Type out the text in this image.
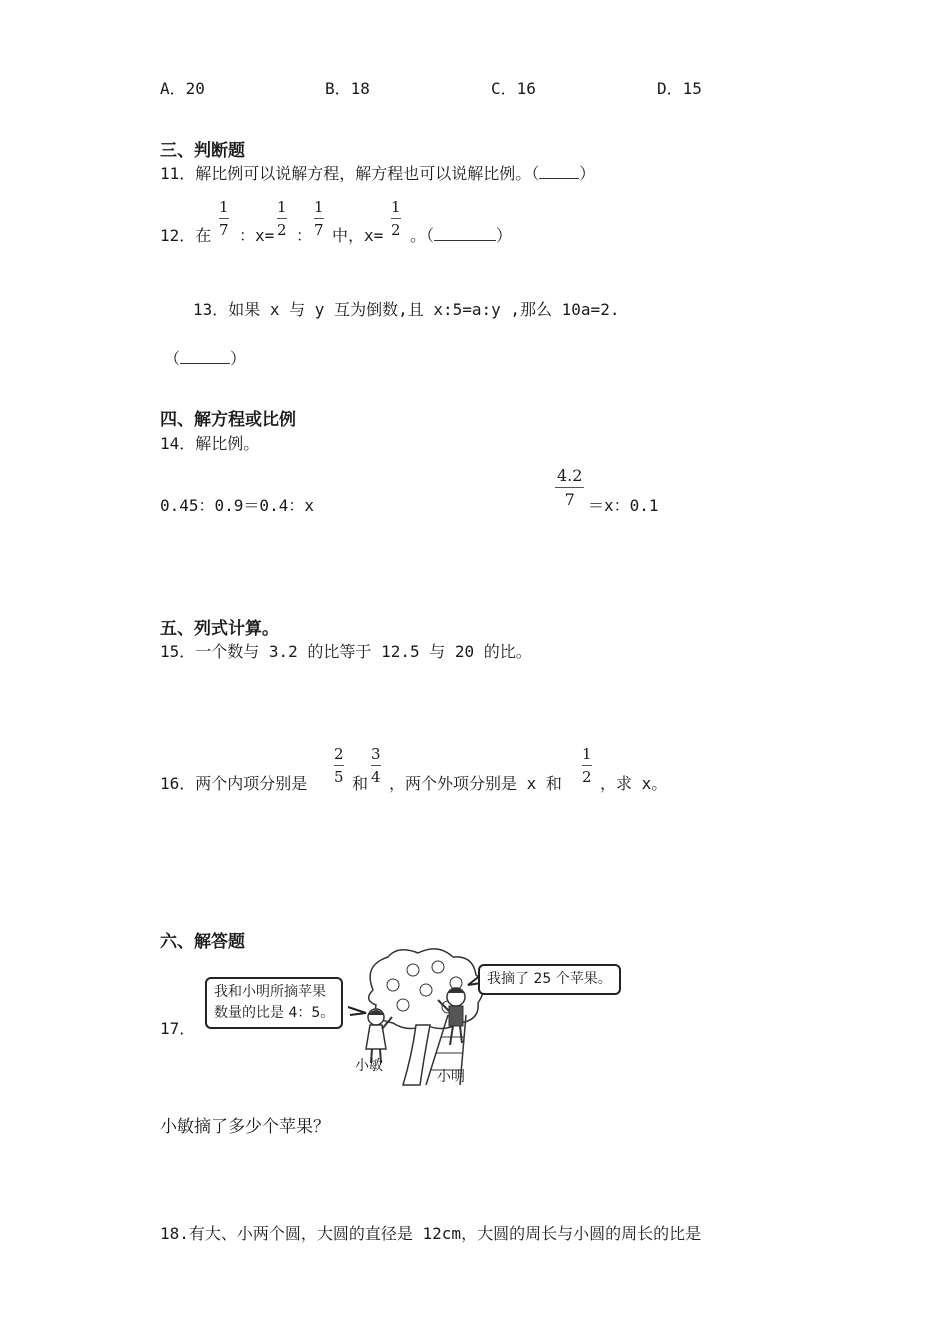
A．20	B．18	C．16	D．15
三、判断题
11．解比例可以说解方程，解方程也可以说解比例。（	）
12．在 $\frac{1}{7}$ ：$x= \frac{1}{2}$ ： $\frac{1}{7}$ 中，$x= \frac{1}{2}$ 。（	）
13．如果 x 与 y 互为倒数,且 x:5=a:y ,那么 10a=2.
（	）
四、解方程或比例
14．解比例。
0.45：0.9＝0.4：x	$\frac{4.2}{7} =x$：0.1
五、列式计算。
15．一个数与 3.2 的比等于 12.5 与 20 的比。
16．两个内项分别是 $\frac{2}{5}$ 和 $\frac{3}{4}$ ，两个外项分别是 x 和 $\frac{1}{2}$ ，求 x。
六、解答题
17．
我和小明所摘苹果
数量的比是 4：5。
我摘了 25 个苹果。
小敏
小明
小敏摘了多少个苹果？
18.有大、小两个圆，大圆的直径是 12cm，大圆的周长与小圆的周长的比是
